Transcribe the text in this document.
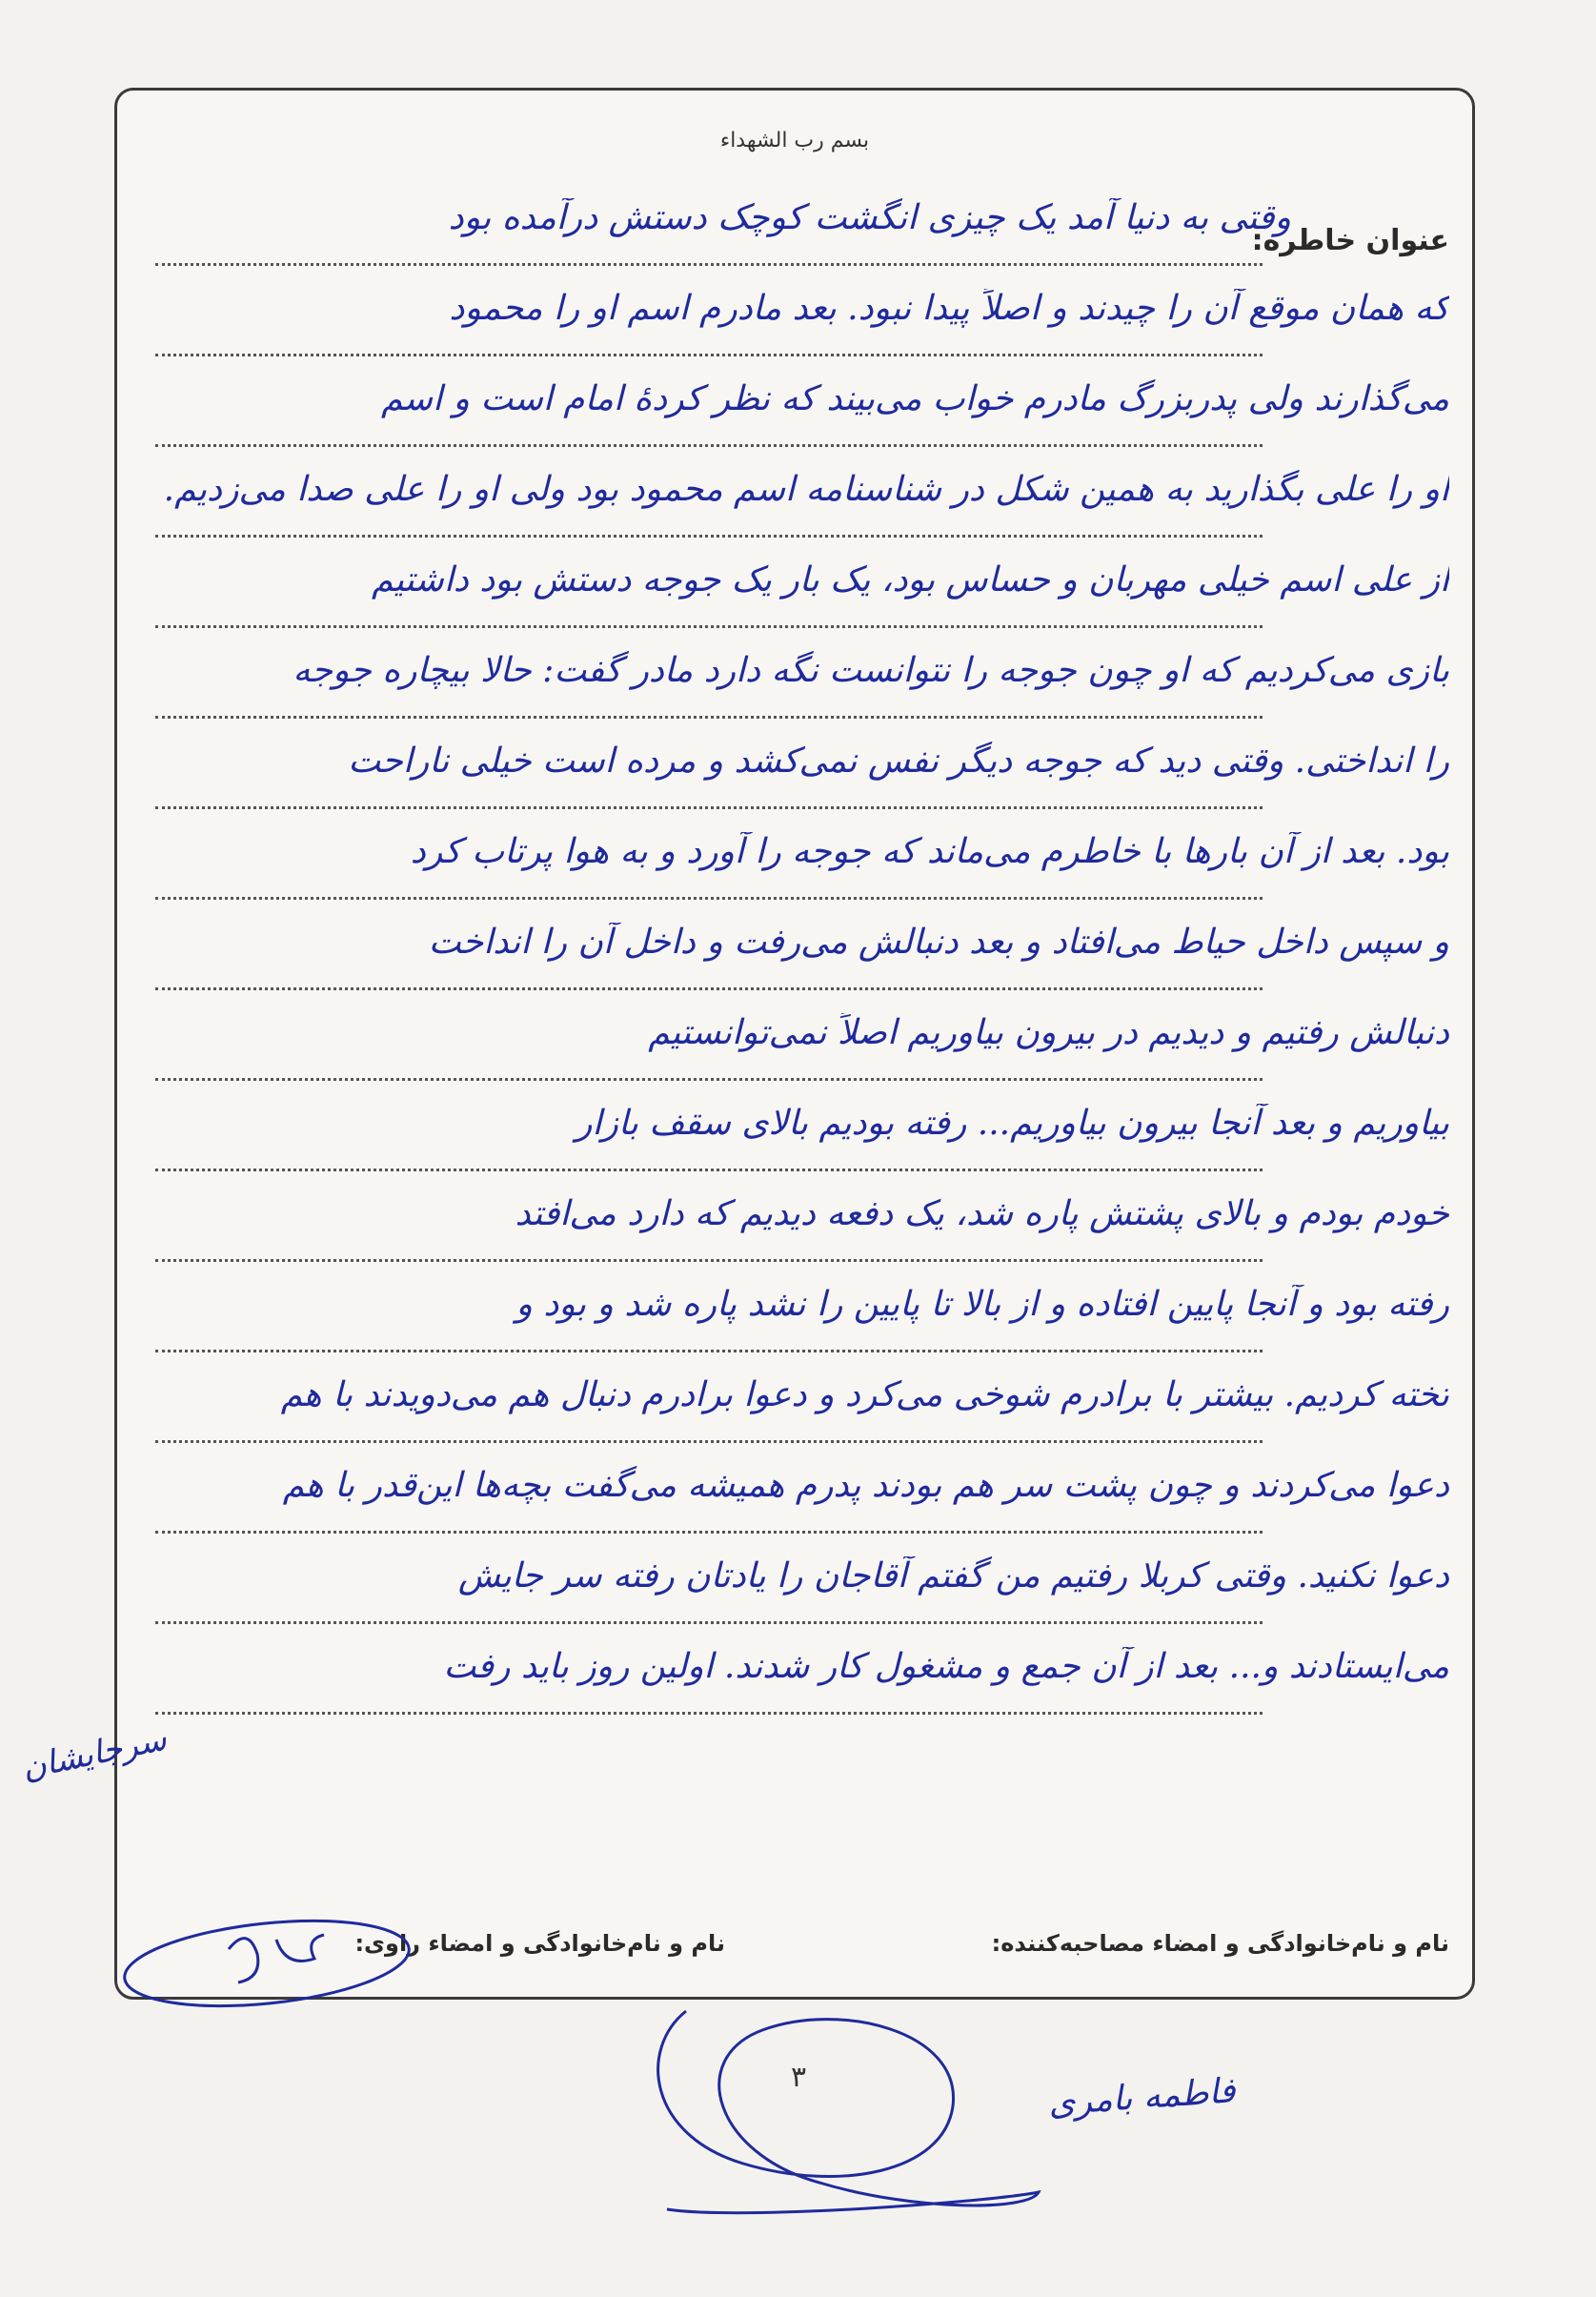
بسم رب الشهداء
عنوان خاطره:
نام و نام‌خانوادگی و امضاء مصاحبه‌کننده:
نام و نام‌خانوادگی و امضاء راوی:
وقتی به دنیا آمد یک چیزی انگشت کوچک دستش درآمده بود
که همان موقع آن را چیدند و اصلاً پیدا نبود. بعد مادرم اسم او را محمود
می‌گذارند ولی پدربزرگ مادرم خواب می‌بیند که نظر کردهٔ امام است و اسم
او را علی بگذارید به همین شکل در شناسنامه اسم محمود بود ولی او را علی صدا می‌زدیم.
از علی اسم خیلی مهربان و حساس بود، یک بار یک جوجه دستش بود داشتیم
بازی می‌کردیم که او چون جوجه را نتوانست نگه دارد مادر گفت: حالا بیچاره جوجه
را انداختی. وقتی دید که جوجه دیگر نفس نمی‌کشد و مرده است خیلی ناراحت
بود. بعد از آن بارها با خاطرم می‌ماند که جوجه را آورد و به هوا پرتاب کرد
و سپس داخل حیاط می‌افتاد و بعد دنبالش می‌رفت و داخل آن را انداخت
دنبالش رفتیم و دیدیم در بیرون بیاوریم اصلاً نمی‌توانستیم
بیاوریم و بعد آنجا بیرون بیاوریم... رفته بودیم بالای سقف بازار
خودم بودم و بالای پشتش پاره شد، یک دفعه دیدیم که دارد می‌افتد
رفته بود و آنجا پایین افتاده و از بالا تا پایین را نشد پاره شد و بود و
تخته کردیم. بیشتر با برادرم شوخی می‌کرد و دعوا برادرم دنبال هم می‌دویدند با هم
دعوا می‌کردند و چون پشت سر هم بودند پدرم همیشه می‌گفت بچه‌ها این‌قدر با هم
دعوا نکنید. وقتی کربلا رفتیم من گفتم آقاجان را یادتان رفته سر جایش
می‌ایستادند و... بعد از آن جمع و مشغول کار شدند. اولین روز باید رفت
سرجایشان
۳	فاطمه بامری
